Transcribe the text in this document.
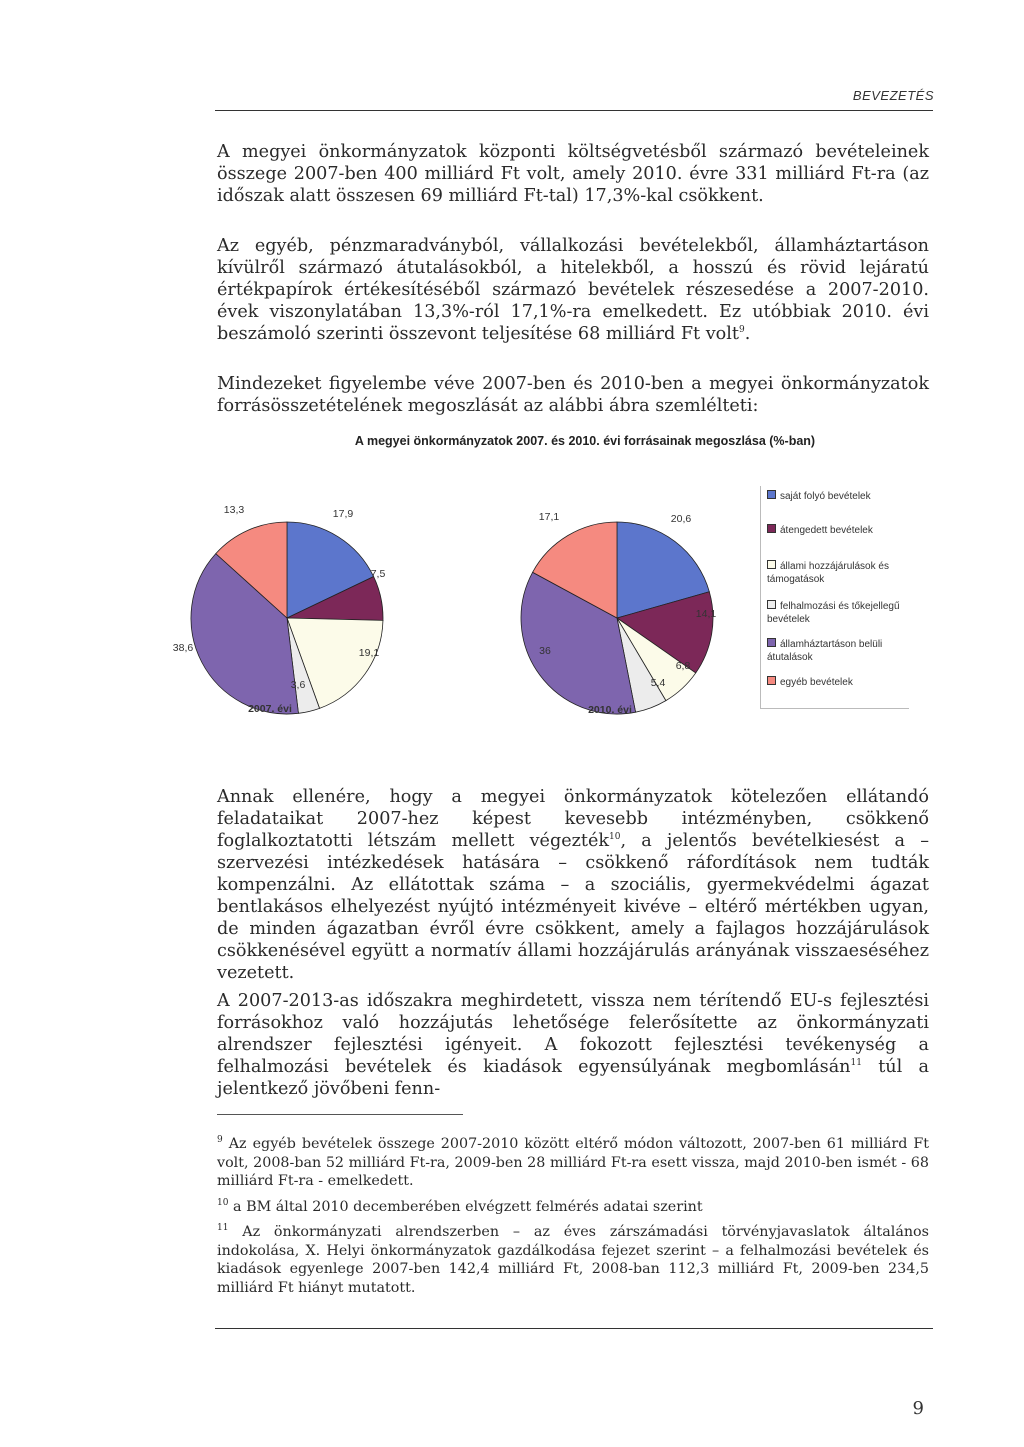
BEVEZETÉS

A megyei önkormányzatok központi költségvetésből származó bevételeinek összege 2007-ben 400 milliárd Ft volt, amely 2010. évre 331 milliárd Ft-ra (az időszak alatt összesen 69 milliárd Ft-tal) 17,3%-kal csökkent.

Az egyéb, pénzmaradványból, vállalkozási bevételekből, államháztartáson kívülről származó átutalásokból, a hitelekből, a hosszú és rövid lejáratú értékpapírok értékesítéséből származó bevételek részesedése a 2007-2010. évek viszonylatában 13,3%-ról 17,1%-ra emelkedett. Ez utóbbiak 2010. évi beszámoló szerinti összevont teljesítése 68 milliárd Ft volt$^9$.

Mindezeket figyelembe véve 2007-ben és 2010-ben a megyei önkormányzatok forrásösszetételének megoszlását az alábbi ábra szemlélteti:

A megyei önkormányzatok 2007. és 2010. évi forrásainak megoszlása (%-ban)
17,9
7,5
19,1
3,6
38,6
13,3
2007. évi
20,6
14,1
6,8
5,4
36
17,1
2010. évi
saját folyó bevételek
átengedett bevételek
állami hozzájárulások és támogatások
felhalmozási és tőkejellegű bevételek
államháztartáson belüli átutalások
egyéb bevételek

Annak ellenére, hogy a megyei önkormányzatok kötelezően ellátandó feladataikat 2007-hez képest kevesebb intézményben, csökkenő foglalkoztatotti létszám mellett végezték$^{10}$, a jelentős bevételkiesést a – szervezési intézkedések hatására – csökkenő ráfordítások nem tudták kompenzálni. Az ellátottak száma – a szociális, gyermekvédelmi ágazat bentlakásos elhelyezést nyújtó intézményeit kivéve – eltérő mértékben ugyan, de minden ágazatban évről évre csökkent, amely a fajlagos hozzájárulások csökkenésével együtt a normatív állami hozzájárulás arányának visszaeséséhez vezetett.

A 2007-2013-as időszakra meghirdetett, vissza nem térítendő EU-s fejlesztési forrásokhoz való hozzájutás lehetősége felerősítette az önkormányzati alrendszer fejlesztési igényeit. A fokozott fejlesztési tevékenység a felhalmozási bevételek és kiadások egyensúlyának megbomlásán$^{11}$ túl a jelentkező jövőbeni fenn-

$^9$ Az egyéb bevételek összege 2007-2010 között eltérő módon változott, 2007-ben 61 milliárd Ft volt, 2008-ban 52 milliárd Ft-ra, 2009-ben 28 milliárd Ft-ra esett vissza, majd 2010-ben ismét - 68 milliárd Ft-ra - emelkedett.

$^{10}$ a BM által 2010 decemberében elvégzett felmérés adatai szerint

$^{11}$ Az önkormányzati alrendszerben – az éves zárszámadási törvényjavaslatok általános indokolása, X. Helyi önkormányzatok gazdálkodása fejezet szerint – a felhalmozási bevételek és kiadások egyenlege 2007-ben 142,4 milliárd Ft, 2008-ban 112,3 milliárd Ft, 2009-ben 234,5 milliárd Ft hiányt mutatott.

9
